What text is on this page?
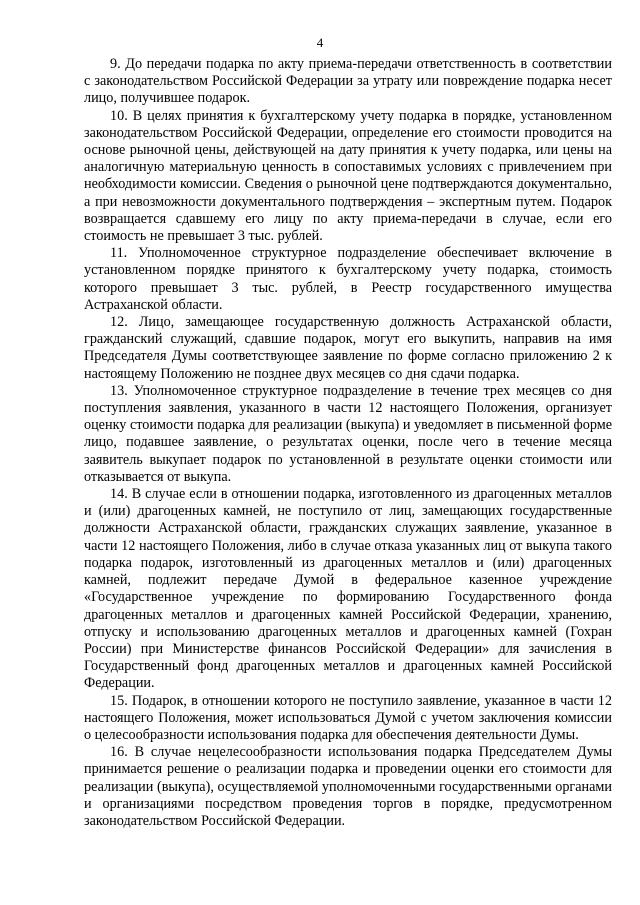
4

9. До передачи подарка по акту приема-передачи ответственность в соответствии с законодательством Российской Федерации за утрату или повреждение подарка несет лицо, получившее подарок.

10. В целях принятия к бухгалтерскому учету подарка в порядке, установленном законодательством Российской Федерации, определение его стоимости проводится на основе рыночной цены, действующей на дату принятия к учету подарка, или цены на аналогичную материальную ценность в сопоставимых условиях с привлечением при необходимости комиссии. Сведения о рыночной цене подтверждаются документально, а при невозможности документального подтверждения – экспертным путем. Подарок возвращается сдавшему его лицу по акту приема-передачи в случае, если его стоимость не превышает 3 тыс. рублей.

11. Уполномоченное структурное подразделение обеспечивает включение в установленном порядке принятого к бухгалтерскому учету подарка, стоимость которого превышает 3 тыс. рублей, в Реестр государственного имущества Астраханской области.

12. Лицо, замещающее государственную должность Астраханской области, гражданский служащий, сдавшие подарок, могут его выкупить, направив на имя Председателя Думы соответствующее заявление по форме согласно приложению 2 к настоящему Положению не позднее двух месяцев со дня сдачи подарка.

13. Уполномоченное структурное подразделение в течение трех месяцев со дня поступления заявления, указанного в части 12 настоящего Положения, организует оценку стоимости подарка для реализации (выкупа) и уведомляет в письменной форме лицо, подавшее заявление, о результатах оценки, после чего в течение месяца заявитель выкупает подарок по установленной в результате оценки стоимости или отказывается от выкупа.

14. В случае если в отношении подарка, изготовленного из драгоценных металлов и (или) драгоценных камней, не поступило от лиц, замещающих государственные должности Астраханской области, гражданских служащих заявление, указанное в части 12 настоящего Положения, либо в случае отказа указанных лиц от выкупа такого подарка подарок, изготовленный из драгоценных металлов и (или) драгоценных камней, подлежит передаче Думой в федеральное казенное учреждение «Государственное учреждение по формированию Государственного фонда драгоценных металлов и драгоценных камней Российской Федерации, хранению, отпуску и использованию драгоценных металлов и драгоценных камней (Гохран России) при Министерстве финансов Российской Федерации» для зачисления в Государственный фонд драгоценных металлов и драгоценных камней Российской Федерации.

15. Подарок, в отношении которого не поступило заявление, указанное в части 12 настоящего Положения, может использоваться Думой с учетом заключения комиссии о целесообразности использования подарка для обеспечения деятельности Думы.

16. В случае нецелесообразности использования подарка Председателем Думы принимается решение о реализации подарка и проведении оценки его стоимости для реализации (выкупа), осуществляемой уполномоченными государственными органами и организациями посредством проведения торгов в порядке, предусмотренном законодательством Российской Федерации.
